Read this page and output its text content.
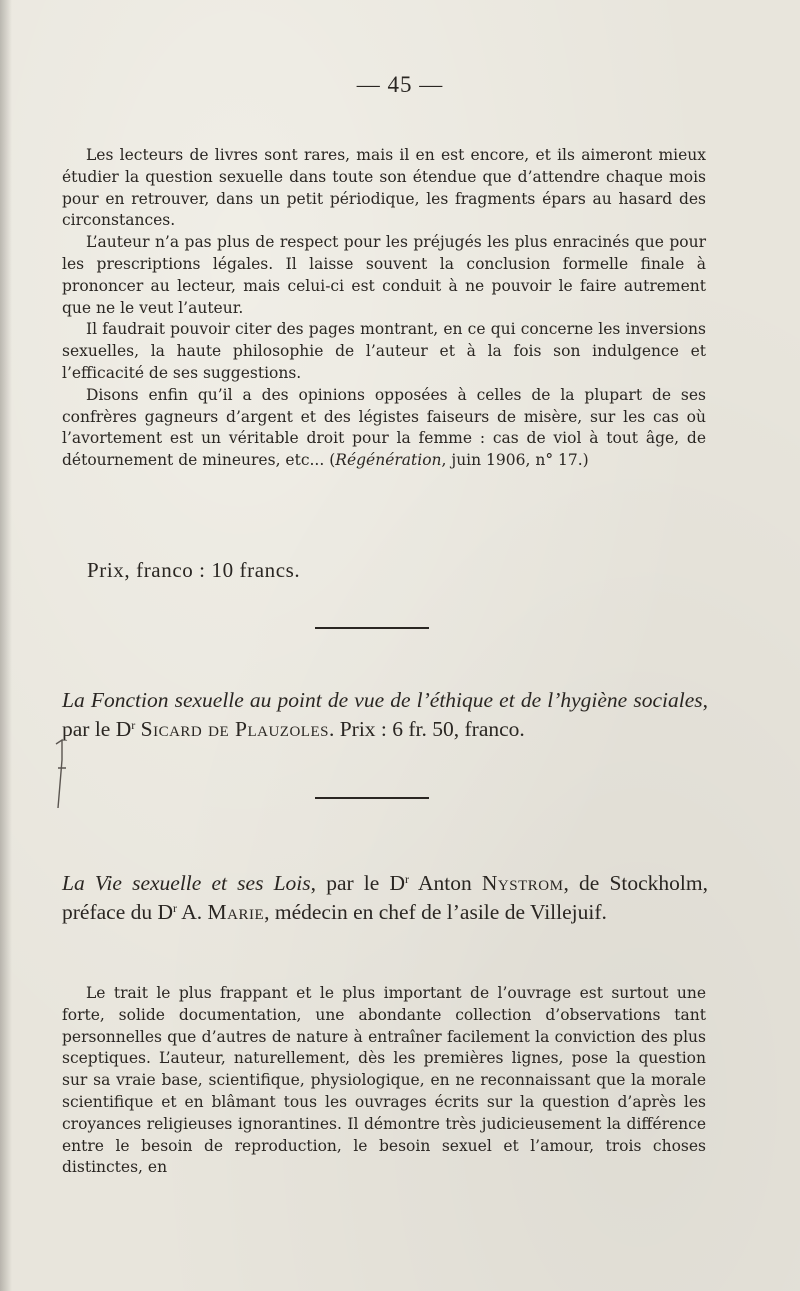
— 45 —

Les lecteurs de livres sont rares, mais il en est encore, et ils aimeront mieux étudier la question sexuelle dans toute son étendue que d’attendre chaque mois pour en retrouver, dans un petit périodique, les fragments épars au hasard des circonstances.

L’auteur n’a pas plus de respect pour les préjugés les plus enracinés que pour les prescriptions légales. Il laisse souvent la conclusion formelle finale à prononcer au lecteur, mais celui-ci est conduit à ne pouvoir le faire autrement que ne le veut l’auteur.

Il faudrait pouvoir citer des pages montrant, en ce qui concerne les inversions sexuelles, la haute philosophie de l’auteur et à la fois son indulgence et l’efficacité de ses suggestions.

Disons enfin qu’il a des opinions opposées à celles de la plupart de ses confrères gagneurs d’argent et des légistes faiseurs de misère, sur les cas où l’avortement est un véritable droit pour la femme : cas de viol à tout âge, de détournement de mineures, etc... (Régénération, juin 1906, n° 17.)

Prix, franco : 10 francs.

La Fonction sexuelle au point de vue de l’éthique et de l’hygiène sociales, par le $D^r$ Sicard de Plauzoles. Prix : 6 fr. 50, franco.

La Vie sexuelle et ses Lois, par le $D^r$ Anton Nystrom, de Stockholm, préface du $D^r$ A. Marie, médecin en chef de l’asile de Villejuif.

Le trait le plus frappant et le plus important de l’ouvrage est surtout une forte, solide documentation, une abondante collection d’observations tant personnelles que d’autres de nature à entraîner facilement la conviction des plus sceptiques. L’auteur, naturellement, dès les premières lignes, pose la question sur sa vraie base, scientifique, physiologique, en ne reconnaissant que la morale scientifique et en blâmant tous les ouvrages écrits sur la question d’après les croyances religieuses ignorantines. Il démontre très judicieusement la différence entre le besoin de reproduction, le besoin sexuel et l’amour, trois choses distinctes, en
